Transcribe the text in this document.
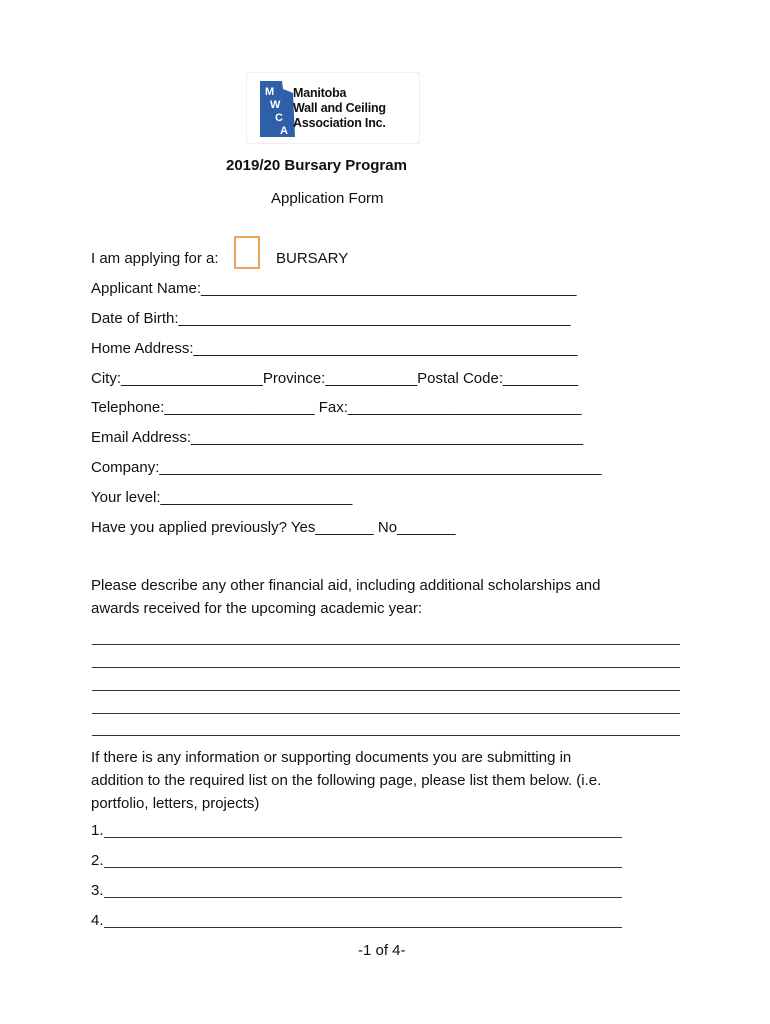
M
W
C
A
Manitoba
Wall and Ceiling
Association Inc.
2019/20 Bursary Program
Application Form
I am applying for a:	BURSARY
Applicant Name:_____________________________________________
Date of Birth:_______________________________________________
Home Address:______________________________________________
City:_________________Province:___________Postal Code:_________
Telephone:__________________ Fax:____________________________
Email Address:_______________________________________________
Company:_____________________________________________________
Your level:_______________________
Have you applied previously? Yes_______ No_______
Please describe any other financial aid, including additional scholarships and
awards received for the upcoming academic year:
If there is any information or supporting documents you are submitting in
addition to the required list on the following page, please list them below. (i.e.
portfolio, letters, projects)
1.
2.
3.
4.
-1 of 4-
